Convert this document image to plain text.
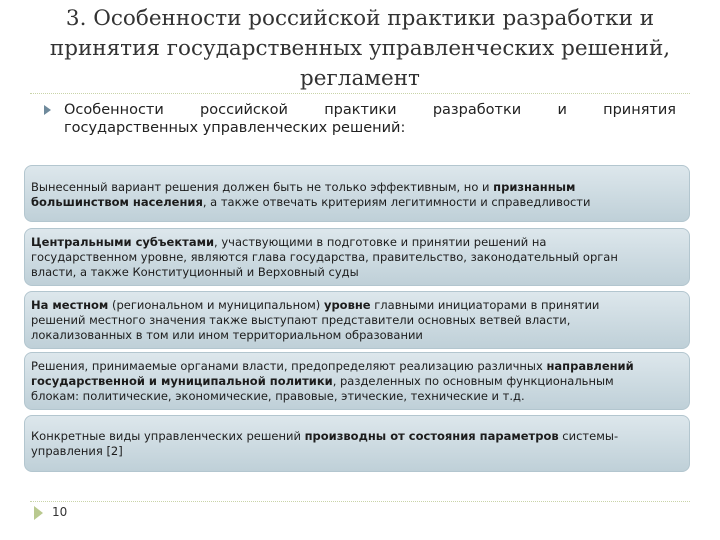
3. Особенности российской практики разработки и
принятия государственных управленческих решений,
регламент
Особенности	российской	практики	разработки	и	принятия
государственных управленческих решений:
Вынесенный вариант решения должен быть не только эффективным, но и признанным
большинством населения, а также отвечать критериям легитимности и справедливости
Центральными субъектами, участвующими в подготовке и принятии решений на
государственном уровне, являются глава государства, правительство, законодательный орган
власти, а также Конституционный и Верховный суды
На местном (региональном и муниципальном) уровне главными инициаторами в принятии
решений местного значения также выступают представители основных ветвей власти,
локализованных в том или ином территориальном образовании
Решения, принимаемые органами власти, предопределяют реализацию различных направлений
государственной и муниципальной политики, разделенных по основным функциональным
блокам: политические, экономические, правовые, этические, технические и т.д.
Конкретные виды управленческих решений производны от состояния параметров системы-
управления [2]
10
